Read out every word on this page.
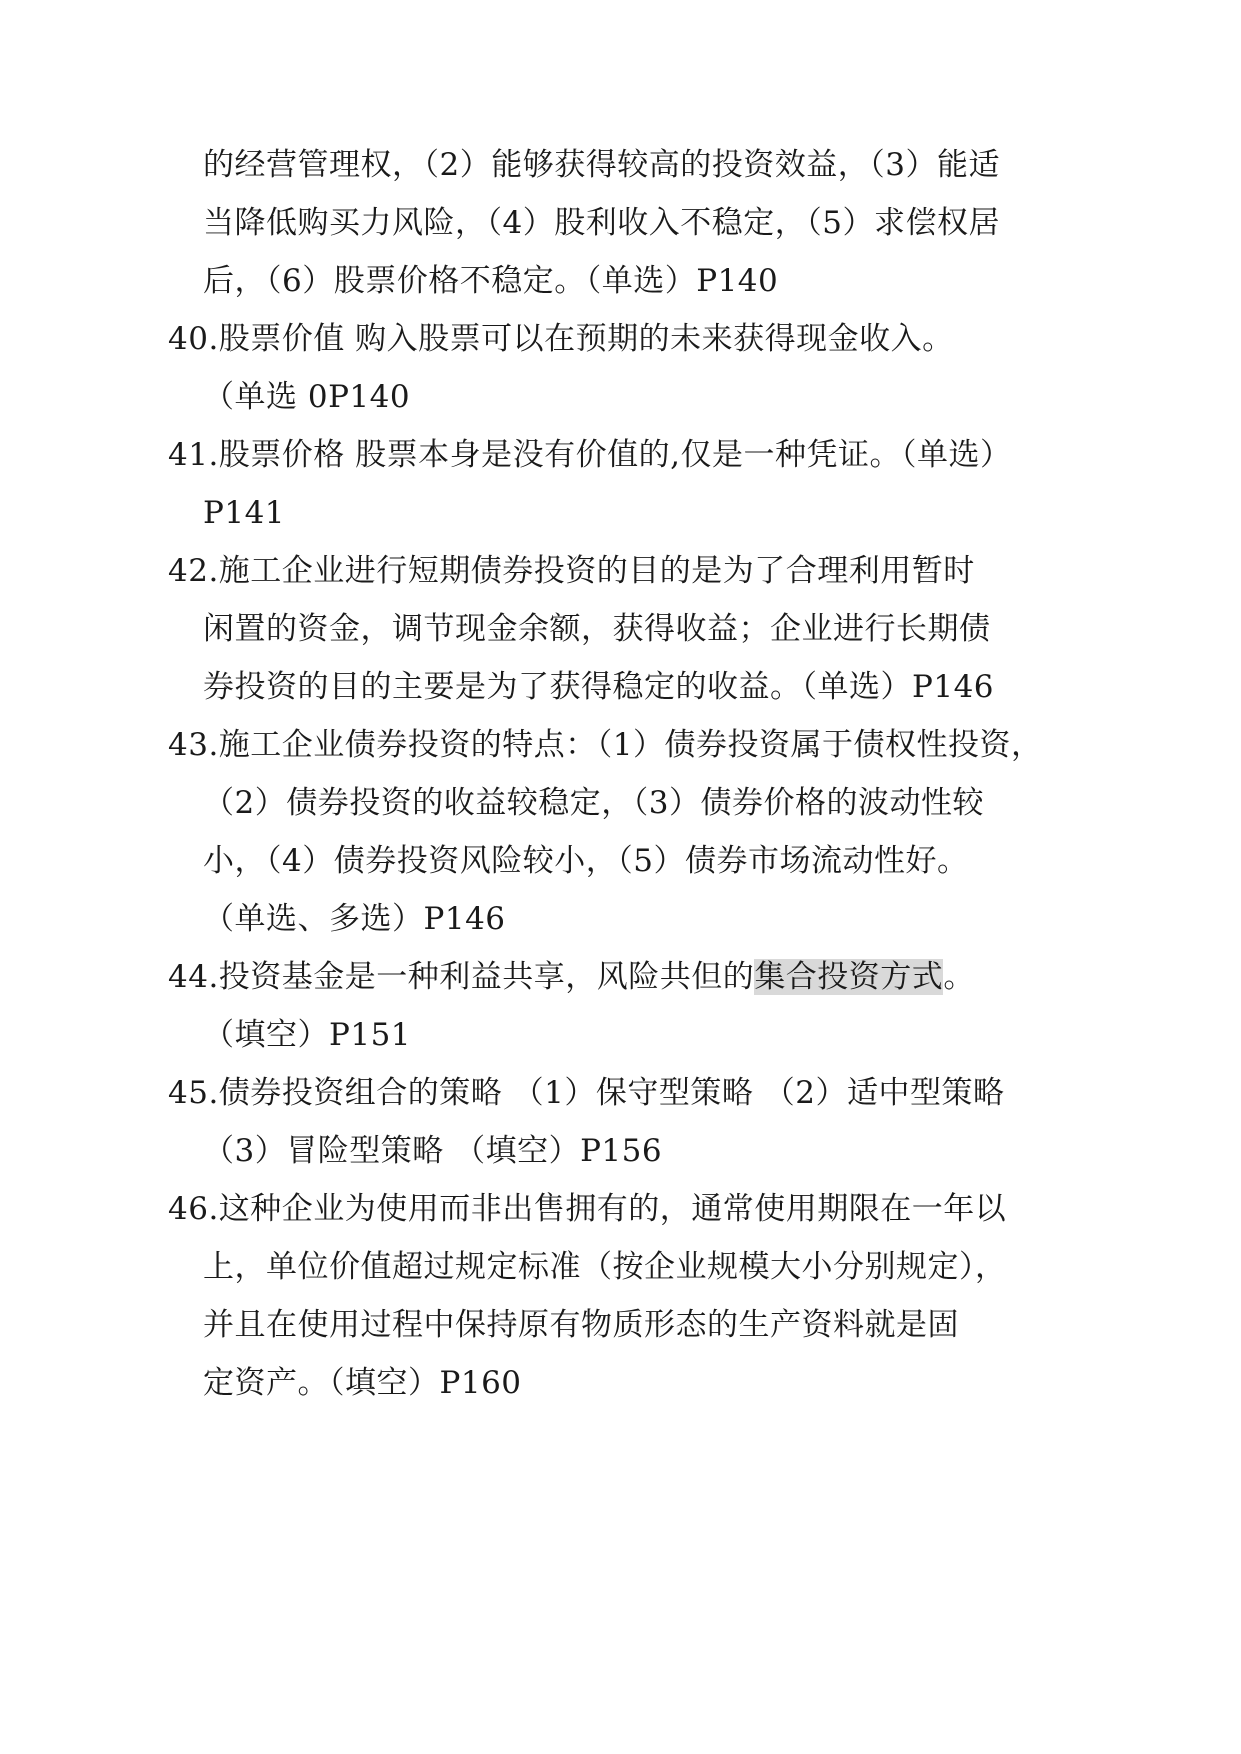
的经营管理权，（2）能够获得较高的投资效益，（3）能适
当降低购买力风险，（4）股利收入不稳定，（5）求偿权居
后，（6）股票价格不稳定。（单选）P140
40.股票价值 购入股票可以在预期的未来获得现金收入。
（单选 0P140
41.股票价格 股票本身是没有价值的,仅是一种凭证。（单选）
P141
42.施工企业进行短期债券投资的目的是为了合理利用暂时
闲置的资金，调节现金余额，获得收益；企业进行长期债
券投资的目的主要是为了获得稳定的收益。（单选）P146
43.施工企业债券投资的特点：（1）债券投资属于债权性投资，
（2）债券投资的收益较稳定，（3）债券价格的波动性较
小，（4）债券投资风险较小，（5）债券市场流动性好。
（单选、多选）P146
44.投资基金是一种利益共享，风险共但的集合投资方式。
（填空）P151
45.债券投资组合的策略 （1）保守型策略 （2）适中型策略
（3）冒险型策略 （填空）P156
46.这种企业为使用而非出售拥有的，通常使用期限在一年以
上，单位价值超过规定标准（按企业规模大小分别规定），
并且在使用过程中保持原有物质形态的生产资料就是固
定资产。（填空）P160
